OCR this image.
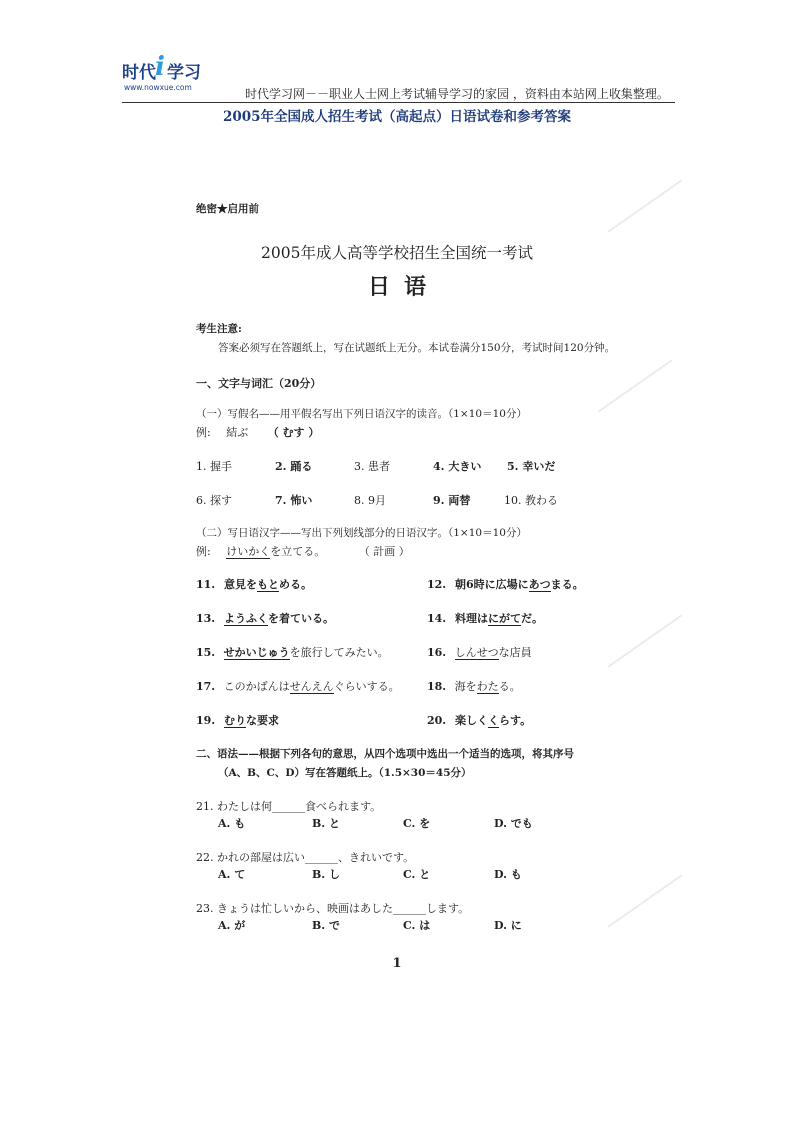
时代 i 学习
www.nowxue.com	时代学习网－－职业人士网上考试辅导学习的家园 ，资料由本站网上收集整理。
2005年全国成人招生考试（高起点）日语试卷和参考答案
绝密★启用前
2005年成人高等学校招生全国统一考试
日语
考生注意:
答案必须写在答题纸上，写在试题纸上无分。本试卷满分150分，考试时间120分钟。
一、文字与词汇（20分）
（一）写假名——用平假名写出下列日语汉字的读音。（1×10＝10分）
例: 結ぶ （ むす ）
1. 握手	2. 踊る	3. 患者	4. 大きい 5. 幸いだ
6. 探す	7. 怖い	8. 9月	9. 両替	10. 教わる
（二）写日语汉字——写出下列划线部分的日语汉字。（1×10＝10分）
例: けいかくを立てる。	（ 計画 ）
11. 意見をもとめる。	12. 朝6時に広場にあつまる。
13. ようふくを着ている。	14. 料理はにがてだ。
15. せかいじゅうを旅行してみたい。	16. しんせつな店員
17. このかばんはせんえんぐらいする。 18. 海をわたる。
19. むりな要求	20. 楽しくくらす。
二、语法——根据下列各句的意思，从四个选项中选出一个适当的选项，将其序号
（A、B、C、D）写在答题纸上。（1.5×30＝45分）
21. わたしは何______食べられます。
A. も	B. と	C. を	D. でも
22. かれの部屋は広い______、きれいです。
A. て	B. し	C. と	D. も
23. きょうは忙しいから、映画はあした______します。
A. が	B. で	C. は	D. に
1
